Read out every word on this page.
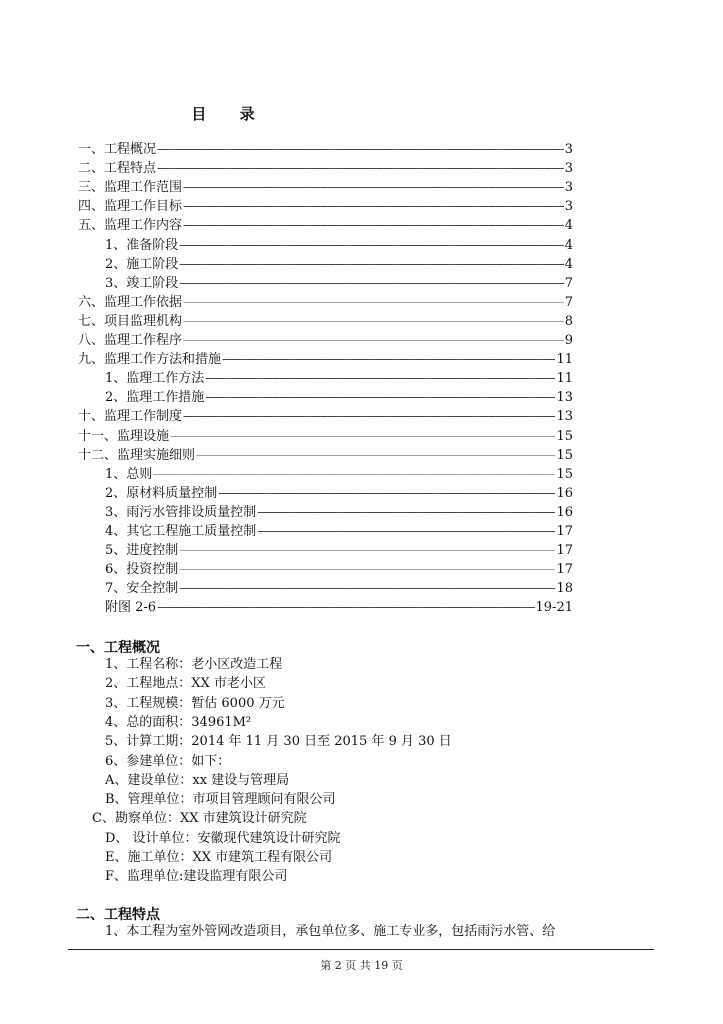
目 录
一、工程概况 -----	3
二、工程特点 -----	3
三、监理工作范围 -----	3
四、监理工作目标 -----	3
五、监理工作内容 -----	4
1、准备阶段 -----	4
2、施工阶段 -----	4
3、竣工阶段 -----	7
六、监理工作依据 -----	7
七、项目监理机构 -----	8
八、监理工作程序 -----	9
九、监理工作方法和措施 -----	11
1、监理工作方法 -----	11
2、监理工作措施 -----	13
十、监理工作制度 -----	13
十一、监理设施 -----	15
十二、监理实施细则 -----	15
1、总则 -----	15
2、原材料质量控制 -----	16
3、雨污水管排设质量控制 -----	16
4、其它工程施工质量控制 -----	17
5、进度控制 -----	17
6、投资控制 -----	17
7、安全控制 -----	18
附图 2-6 -----	19-21
一、工程概况
1、工程名称：老小区改造工程
2、工程地点：XX 市老小区
3、工程规模：暂估 6000 万元
4、总的面积：34961M²
5、计算工期：2014 年 11 月 30 日至 2015 年 9 月 30 日
6、参建单位：如下：
A、建设单位：xx 建设与管理局
B、管理单位：市项目管理顾问有限公司
C、勘察单位：XX 市建筑设计研究院
D、 设计单位：安徽现代建筑设计研究院
E、施工单位：XX 市建筑工程有限公司
F、监理单位:建设监理有限公司
二、工程特点
1、本工程为室外管网改造项目，承包单位多、施工专业多，包括雨污水管、给
第 2 页 共 19 页
